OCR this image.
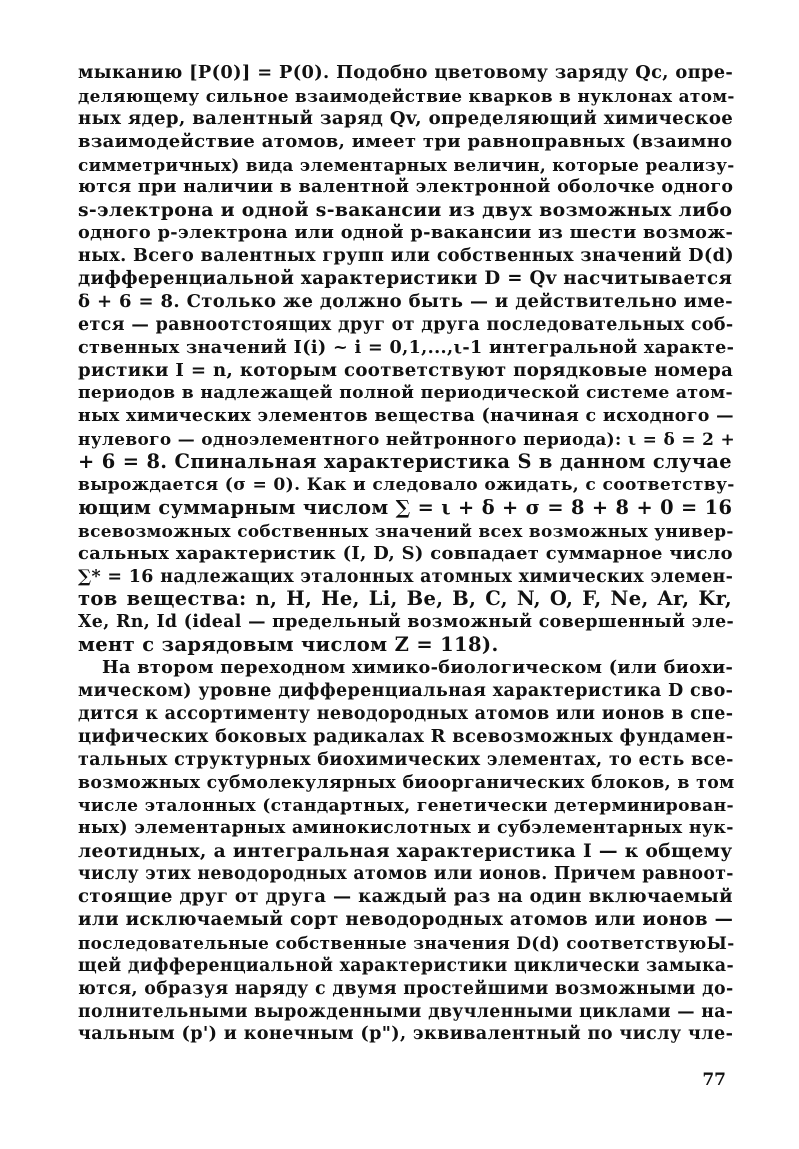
мыканию [P(0)] = P(0). Подобно цветовому заряду Qc, опре-
деляющему сильное взаимодействие кварков в нуклонах атом-
ных ядер, валентный заряд Qv, определяющий химическое
взаимодействие атомов, имеет три равноправных (взаимно
симметричных) вида элементарных величин, которые реализу-
ются при наличии в валентной электронной оболочке одного
s-электрона и одной s-вакансии из двух возможных либо
одного p-электрона или одной p-вакансии из шести возмож-
ных. Всего валентных групп или собственных значений D(d)
дифференциальной характеристики D = Qv насчитывается
δ + 6 = 8. Столько же должно быть — и действительно име-
ется — равноотстоящих друг от друга последовательных соб-
ственных значений I(i) ~ i = 0,1,...,ι-1 интегральной характе-
ристики I = n, которым соответствуют порядковые номера
периодов в надлежащей полной периодической системе атом-
ных химических элементов вещества (начиная с исходного —
нулевого — одноэлементного нейтронного периода): ι = δ = 2 +
+ 6 = 8. Спинальная характеристика S в данном случае
вырождается (σ = 0). Как и следовало ожидать, с соответству-
ющим суммарным числом ∑ = ι + δ + σ = 8 + 8 + 0 = 16
всевозможных собственных значений всех возможных универ-
сальных характеристик (I, D, S) совпадает суммарное число
∑* = 16 надлежащих эталонных атомных химических элемен-
тов вещества: n, H, He, Li, Be, B, C, N, O, F, Ne, Ar, Kr,
Xe, Rn, Id (ideal — предельный возможный совершенный эле-
мент с зарядовым числом Z = 118).
На втором переходном химико-биологическом (или биохи-
мическом) уровне дифференциальная характеристика D сво-
дится к ассортименту неводородных атомов или ионов в спе-
цифических боковых радикалах R всевозможных фундамен-
тальных структурных биохимических элементах, то есть все-
возможных субмолекулярных биоорганических блоков, в том
числе эталонных (стандартных, генетически детерминирован-
ных) элементарных аминокислотных и субэлементарных нук-
леотидных, а интегральная характеристика I — к общему
числу этих неводородных атомов или ионов. Причем равноот-
стоящие друг от друга — каждый раз на один включаемый
или исключаемый сорт неводородных атомов или ионов —
последовательные собственные значения D(d) соответствуюЫ-
щей дифференциальной характеристики циклически замыка-
ются, образуя наряду с двумя простейшими возможными до-
полнительными вырожденными двучленными циклами — на-
чальным (p') и конечным (p"), эквивалентный по числу чле-
77
